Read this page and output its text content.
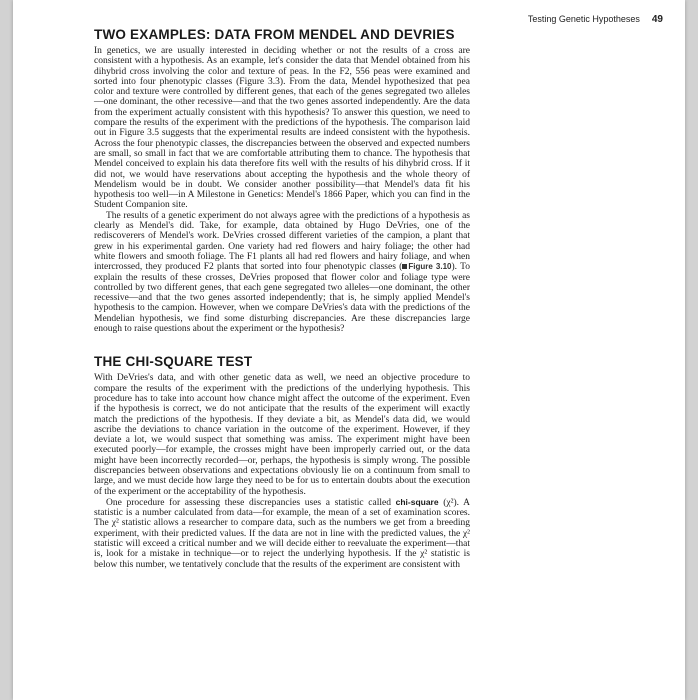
Testing Genetic Hypotheses 49
TWO EXAMPLES: DATA FROM MENDEL AND DEVRIES

In genetics, we are usually interested in deciding whether or not the results of a cross are consistent with a hypothesis. As an example, let's consider the data that Mendel obtained from his dihybrid cross involving the color and texture of peas. In the F2, 556 peas were examined and sorted into four phenotypic classes (Figure 3.3). From the data, Mendel hypothesized that pea color and texture were controlled by different genes, that each of the genes segregated two alleles—one dominant, the other recessive—and that the two genes assorted independently. Are the data from the experiment actually consistent with this hypothesis? To answer this question, we need to compare the results of the experiment with the predictions of the hypothesis. The comparison laid out in Figure 3.5 suggests that the experimental results are indeed consistent with the hypothesis. Across the four phenotypic classes, the discrepancies between the observed and expected numbers are small, so small in fact that we are comfortable attributing them to chance. The hypothesis that Mendel conceived to explain his data therefore fits well with the results of his dihybrid cross. If it did not, we would have reservations about accepting the hypothesis and the whole theory of Mendelism would be in doubt. We consider another possibility—that Mendel's data fit his hypothesis too well—in A Milestone in Genetics: Mendel's 1866 Paper, which you can find in the Student Companion site.

The results of a genetic experiment do not always agree with the predictions of a hypothesis as clearly as Mendel's did. Take, for example, data obtained by Hugo DeVries, one of the rediscoverers of Mendel's work. DeVries crossed different varieties of the campion, a plant that grew in his experimental garden. One variety had red flowers and hairy foliage; the other had white flowers and smooth foliage. The F1 plants all had red flowers and hairy foliage, and when intercrossed, they produced F2 plants that sorted into four phenotypic classes ( Figure 3.10). To explain the results of these crosses, DeVries proposed that flower color and foliage type were controlled by two different genes, that each gene segregated two alleles—one dominant, the other recessive—and that the two genes assorted independently; that is, he simply applied Mendel's hypothesis to the campion. However, when we compare DeVries's data with the predictions of the Mendelian hypothesis, we find some disturbing discrepancies. Are these discrepancies large enough to raise questions about the experiment or the hypothesis?

THE CHI-SQUARE TEST

With DeVries's data, and with other genetic data as well, we need an objective procedure to compare the results of the experiment with the predictions of the underlying hypothesis. This procedure has to take into account how chance might affect the outcome of the experiment. Even if the hypothesis is correct, we do not anticipate that the results of the experiment will exactly match the predictions of the hypothesis. If they deviate a bit, as Mendel's data did, we would ascribe the deviations to chance variation in the outcome of the experiment. However, if they deviate a lot, we would suspect that something was amiss. The experiment might have been executed poorly—for example, the crosses might have been improperly carried out, or the data might have been incorrectly recorded—or, perhaps, the hypothesis is simply wrong. The possible discrepancies between observations and expectations obviously lie on a continuum from small to large, and we must decide how large they need to be for us to entertain doubts about the execution of the experiment or the acceptability of the hypothesis.

One procedure for assessing these discrepancies uses a statistic called chi-square (χ²). A statistic is a number calculated from data—for example, the mean of a set of examination scores. The χ² statistic allows a researcher to compare data, such as the numbers we get from a breeding experiment, with their predicted values. If the data are not in line with the predicted values, the χ² statistic will exceed a critical number and we will decide either to reevaluate the experiment—that is, look for a mistake in technique—or to reject the underlying hypothesis. If the χ² statistic is below this number, we tentatively conclude that the results of the experiment are consistent with
